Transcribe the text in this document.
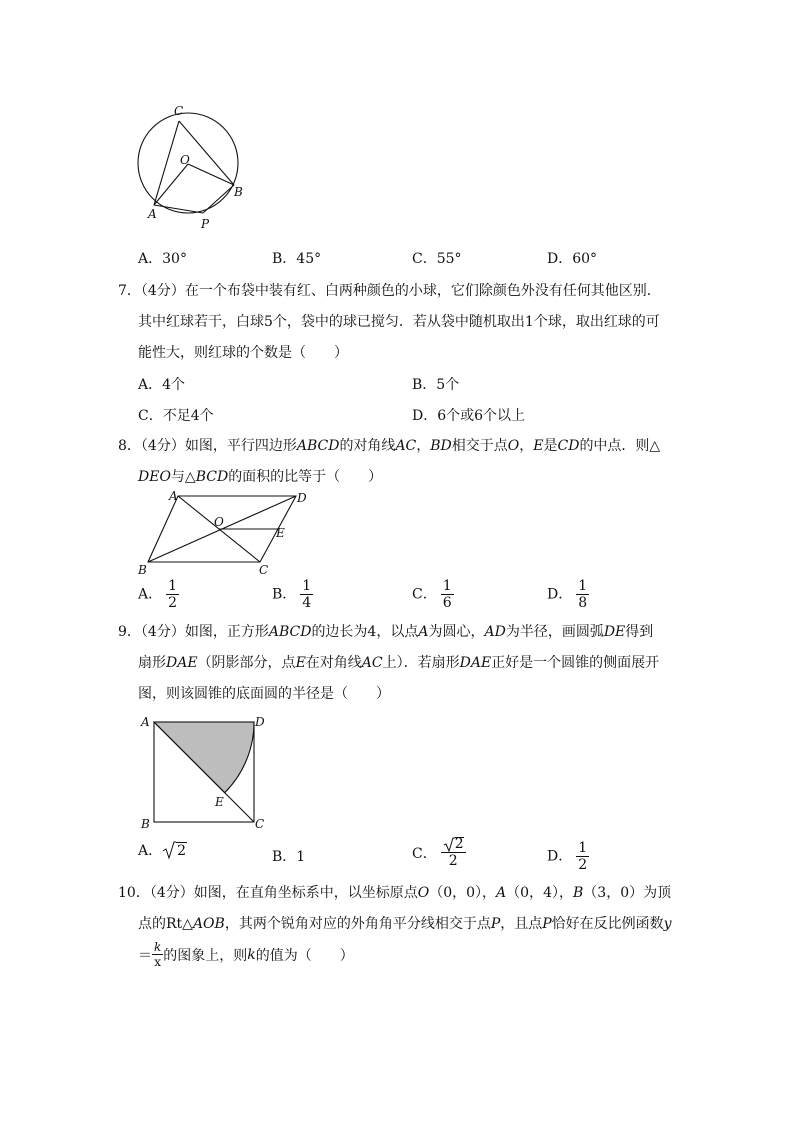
C
O
B
A
P
A．30°	B．45°	C．55°	D．60°
7．（4分）在一个布袋中装有红、白两种颜色的小球，它们除颜色外没有任何其他区别．
其中红球若干，白球5个，袋中的球已搅匀．若从袋中随机取出1个球，取出红球的可
能性大，则红球的个数是（　　）
A．4个	B．5个
C．不足4个	D．6个或6个以上
8．（4分）如图，平行四边形ABCD的对角线AC，BD相交于点O，E是CD的中点．则△
DEO与△BCD的面积的比等于（　　）
A	D
O
E
B	C
A． $\frac{1}{2}$	B． $\frac{1}{4}$	C． $\frac{1}{6}$	D． $\frac{1}{8}$
9．（4分）如图，正方形ABCD的边长为4，以点A为圆心，AD为半径，画圆弧DE得到
扇形DAE（阴影部分，点E在对角线AC上）．若扇形DAE正好是一个圆锥的侧面展开
图，则该圆锥的底面圆的半径是（　　）
A	D
E
B	C
A． 2	B．1	C． $\frac{2}{2}$	D． $\frac{1}{2}$
10．（4分）如图，在直角坐标系中，以坐标原点O（0，0），A（0，4），B（3，0）为顶
点的Rt△AOB，其两个锐角对应的外角角平分线相交于点P，且点P恰好在反比例函数y
＝ $\frac{k}{x}$ 的图象上，则 k 的值为（　　）
